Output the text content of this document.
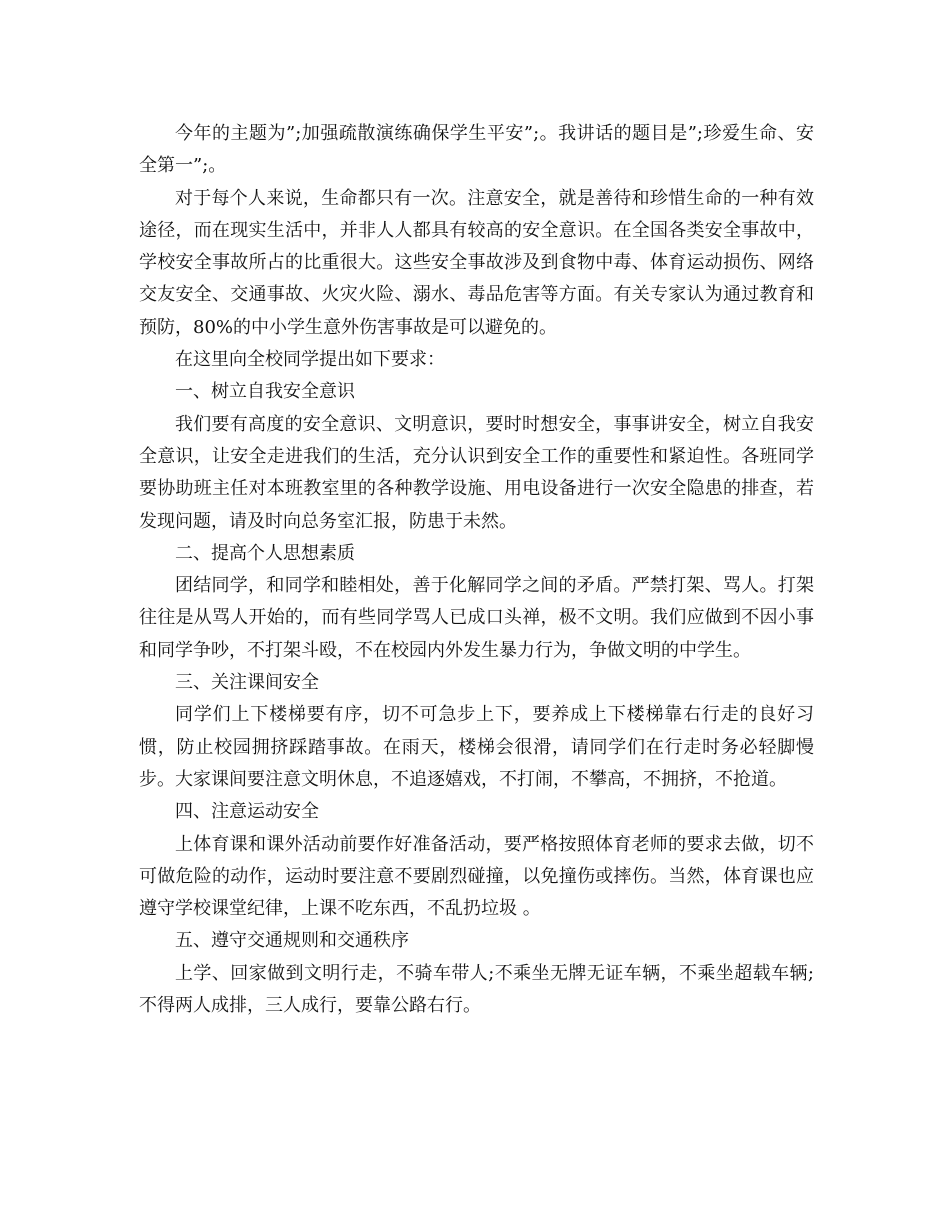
今年的主题为”;加强疏散演练确保学生平安”;。我讲话的题目是”;珍爱生命、安全第一”;。

对于每个人来说，生命都只有一次。注意安全，就是善待和珍惜生命的一种有效途径，而在现实生活中，并非人人都具有较高的安全意识。在全国各类安全事故中，学校安全事故所占的比重很大。这些安全事故涉及到食物中毒、体育运动损伤、网络交友安全、交通事故、火灾火险、溺水、毒品危害等方面。有关专家认为通过教育和预防，80%的中小学生意外伤害事故是可以避免的。

在这里向全校同学提出如下要求：

一、树立自我安全意识

我们要有高度的安全意识、文明意识，要时时想安全，事事讲安全，树立自我安全意识，让安全走进我们的生活，充分认识到安全工作的重要性和紧迫性。各班同学要协助班主任对本班教室里的各种教学设施、用电设备进行一次安全隐患的排查，若发现问题，请及时向总务室汇报，防患于未然。

二、提高个人思想素质

团结同学，和同学和睦相处，善于化解同学之间的矛盾。严禁打架、骂人。打架往往是从骂人开始的，而有些同学骂人已成口头禅，极不文明。我们应做到不因小事和同学争吵，不打架斗殴，不在校园内外发生暴力行为，争做文明的中学生。

三、关注课间安全

同学们上下楼梯要有序，切不可急步上下，要养成上下楼梯靠右行走的良好习惯，防止校园拥挤踩踏事故。在雨天，楼梯会很滑，请同学们在行走时务必轻脚慢步。大家课间要注意文明休息，不追逐嬉戏，不打闹，不攀高，不拥挤，不抢道。

四、注意运动安全

上体育课和课外活动前要作好准备活动，要严格按照体育老师的要求去做，切不可做危险的动作，运动时要注意不要剧烈碰撞，以免撞伤或摔伤。当然，体育课也应遵守学校课堂纪律，上课不吃东西，不乱扔垃圾 。

五、遵守交通规则和交通秩序

上学、回家做到文明行走，不骑车带人;不乘坐无牌无证车辆，不乘坐超载车辆;不得两人成排，三人成行，要靠公路右行。
